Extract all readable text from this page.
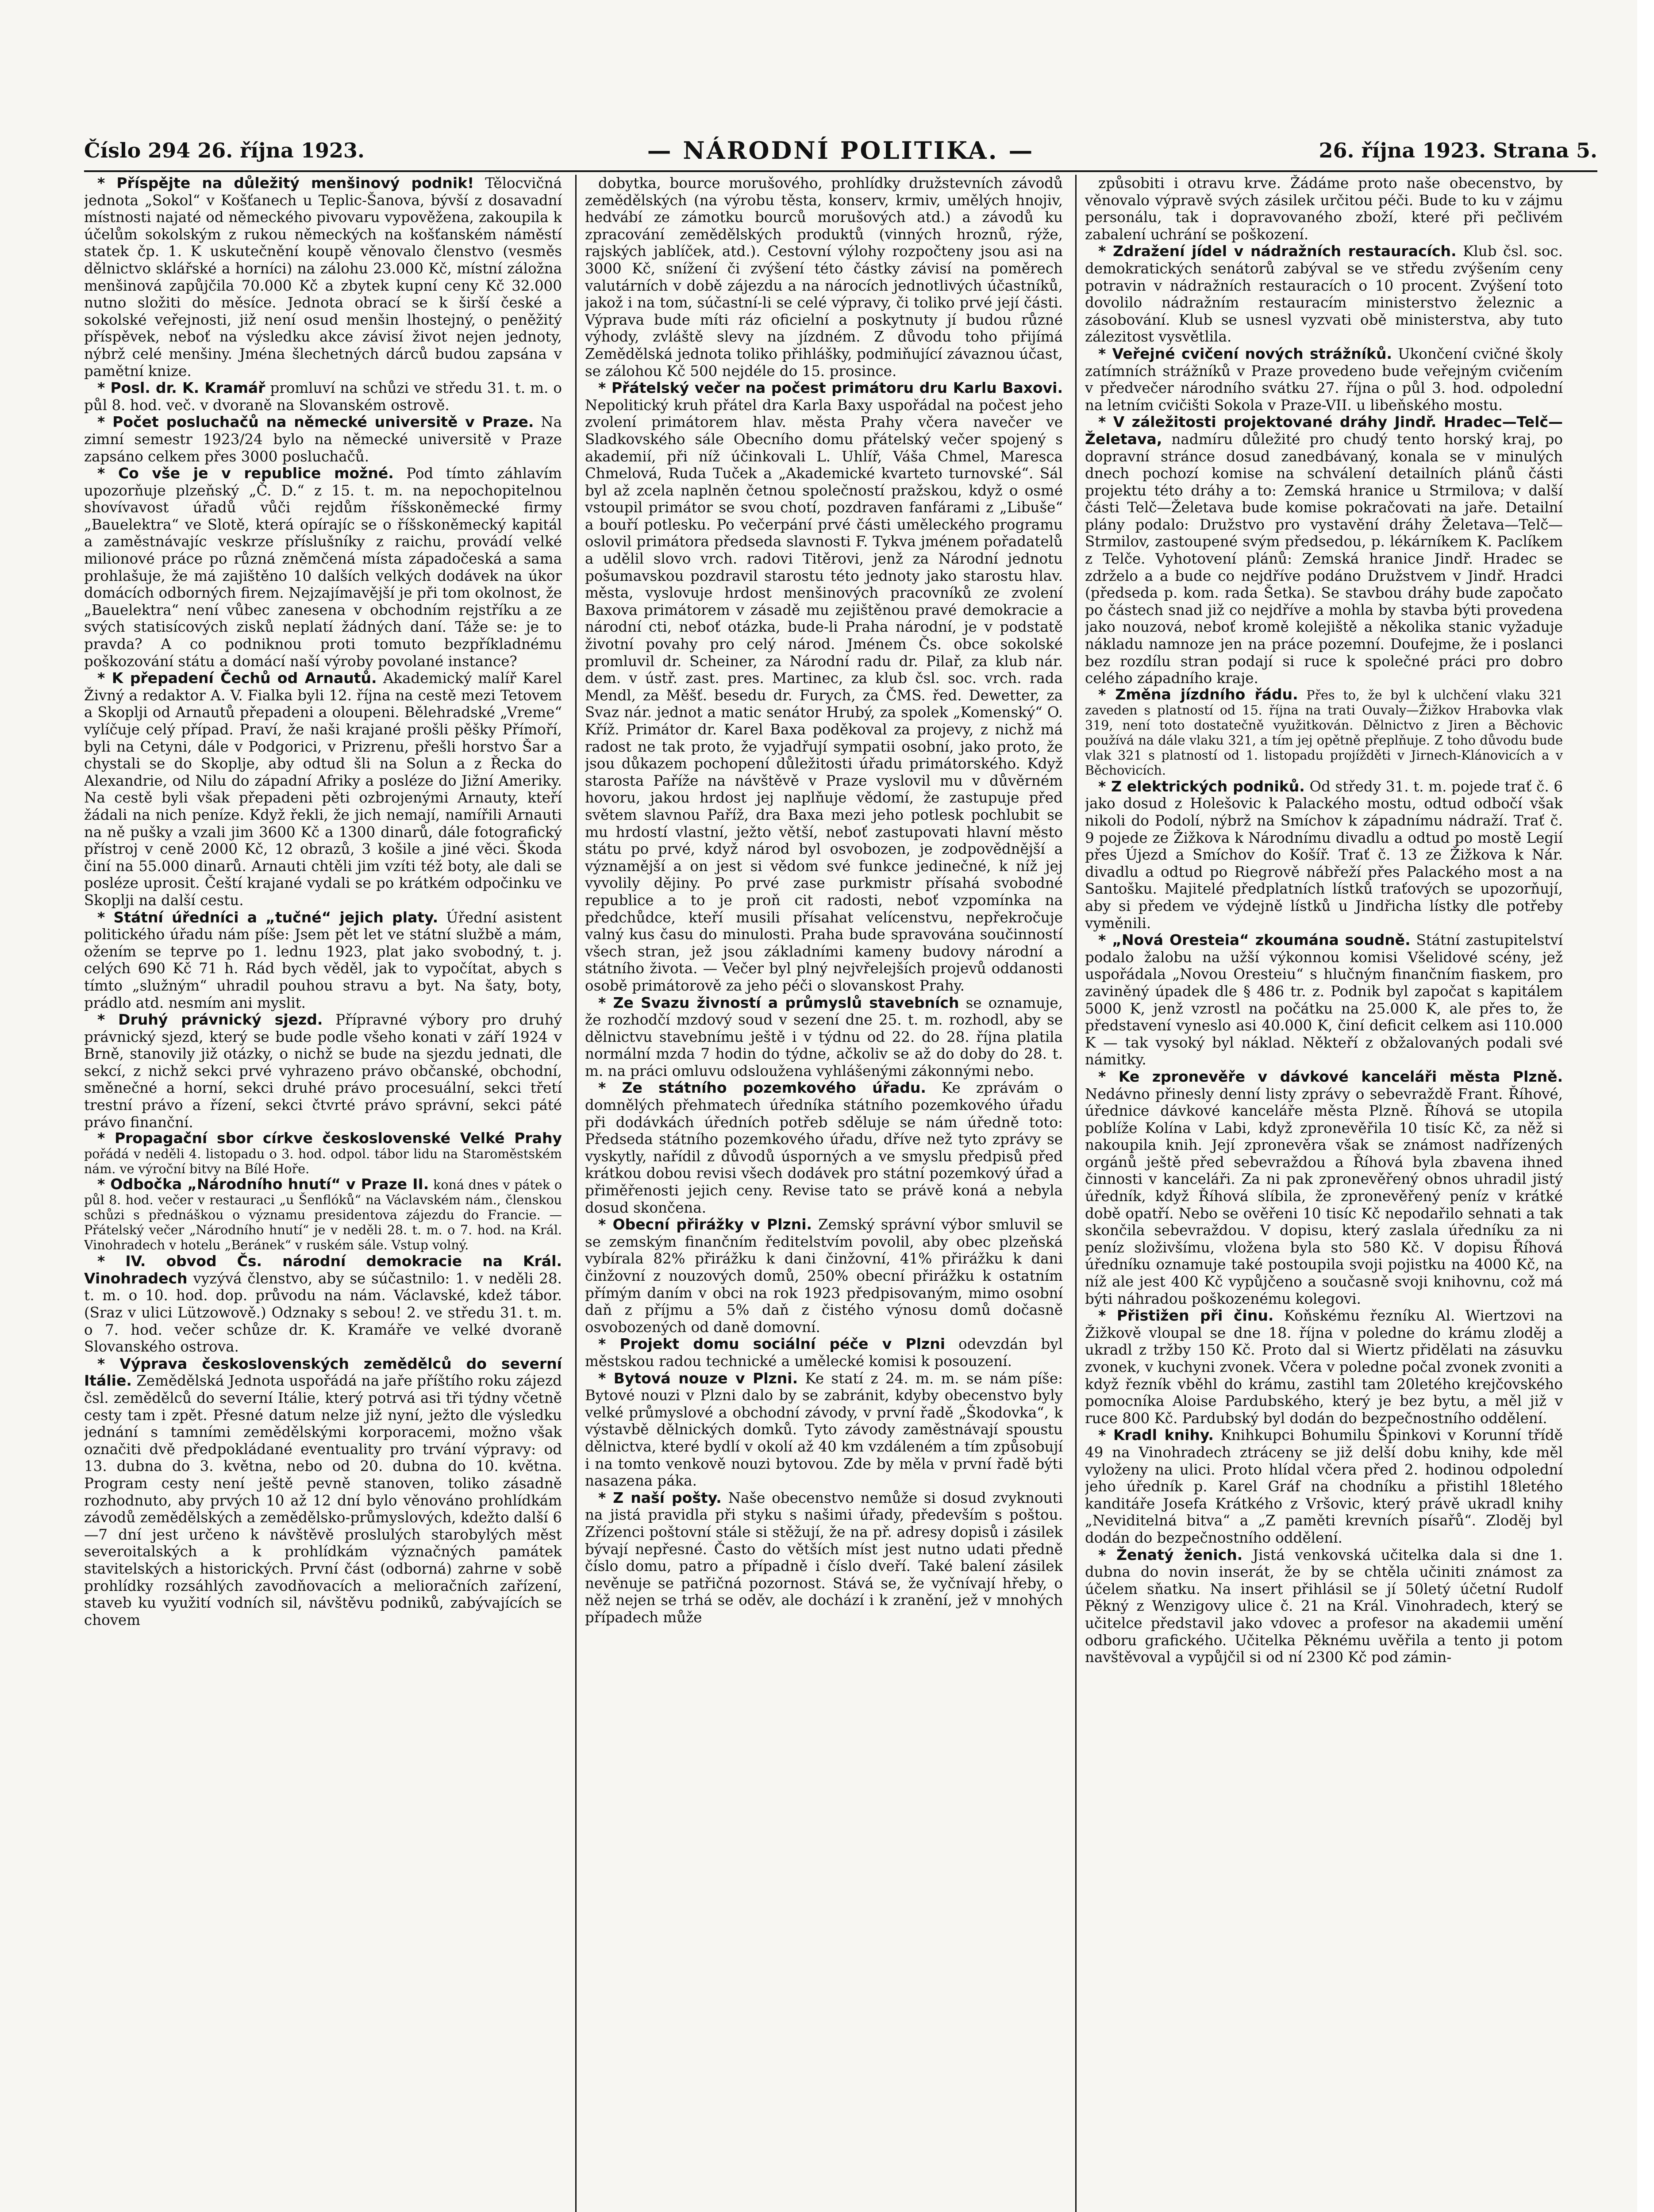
Číslo 294 26. října 1923.	— NÁRODNÍ POLITIKA. —	26. října 1923. Strana 5.

* Příspějte na důležitý menšinový podnik! Tělocvičná jednota „Sokol“ v Košťanech u Teplic-Šanova, bývší z dosavadní místnosti najaté od německého pivovaru vypověžena, zakoupila k účelům sokolským z rukou německých na košťanském náměstí statek čp. 1. K uskutečnění koupě věnovalo členstvo (vesměs dělnictvo sklářské a horníci) na zálohu 23.000 Kč, místní záložna menšinová zapůjčila 70.000 Kč a zbytek kupní ceny Kč 32.000 nutno složiti do měsíce. Jednota obrací se k širší české a sokolské veřejnosti, již není osud menšin lhostejný, o peněžitý příspěvek, neboť na výsledku akce závisí život nejen jednoty, nýbrž celé menšiny. Jména šlechetných dárců budou zapsána v pamětní knize.

* Posl. dr. K. Kramář promluví na schůzi ve středu 31. t. m. o půl 8. hod. več. v dvoraně na Slovanském ostrově.

* Počet posluchačů na německé universitě v Praze. Na zimní semestr 1923/24 bylo na německé universitě v Praze zapsáno celkem přes 3000 posluchačů.

* Co vše je v republice možné. Pod tímto záhlavím upozorňuje plzeňský „Č. D.“ z 15. t. m. na nepochopitelnou shovívavost úřadů vůči rejdům říšskoněmecké firmy „Bauelektra“ ve Slotě, která opírajíc se o říšskoněmecký kapitál a zaměstnávajíc veskrze příslušníky z raichu, provádí velké milionové práce po různá zněmčená místa západočeská a sama prohlašuje, že má zajištěno 10 dalších velkých dodávek na úkor domácích odborných firem. Nejzajímavější je při tom okolnost, že „Bauelektra“ není vůbec zanesena v obchodním rejstříku a ze svých statisícových zisků neplatí žádných daní. Táže se: je to pravda? A co podniknou proti tomuto bezpříkladnému poškozování státu a domácí naší výroby povolané instance?

* K přepadení Čechů od Arnautů. Akademický malíř Karel Živný a redaktor A. V. Fialka byli 12. října na cestě mezi Tetovem a Skoplji od Arnautů přepadeni a oloupeni. Bělehradské „Vreme“ vylíčuje celý případ. Praví, že naši krajané prošli pěšky Přímoří, byli na Cetyni, dále v Podgorici, v Prizrenu, přešli horstvo Šar a chystali se do Skoplje, aby odtud šli na Solun a z Řecka do Alexandrie, od Nilu do západní Afriky a posléze do Jižní Ameriky. Na cestě byli však přepadeni pěti ozbrojenými Arnauty, kteří žádali na nich peníze. Když řekli, že jich nemají, namířili Arnauti na ně pušky a vzali jim 3600 Kč a 1300 dinarů, dále fotografický přístroj v ceně 2000 Kč, 12 obrazů, 3 košile a jiné věci. Škoda činí na 55.000 dinarů. Arnauti chtěli jim vzíti též boty, ale dali se posléze uprosit. Čeští krajané vydali se po krátkém odpočinku ve Skoplji na další cestu.

* Státní úředníci a „tučné“ jejich platy. Úřední asistent politického úřadu nám píše: Jsem pět let ve státní službě a mám, ožením se teprve po 1. lednu 1923, plat jako svobodný, t. j. celých 690 Kč 71 h. Rád bych věděl, jak to vypočítat, abych s tímto „služným“ uhradil pouhou stravu a byt. Na šaty, boty, prádlo atd. nesmím ani myslit.

* Druhý právnický sjezd. Přípravné výbory pro druhý právnický sjezd, který se bude podle všeho konati v září 1924 v Brně, stanovily již otázky, o nichž se bude na sjezdu jednati, dle sekcí, z nichž sekci prvé vyhrazeno právo občanské, obchodní, směnečné a horní, sekci druhé právo procesuální, sekci třetí trestní právo a řízení, sekci čtvrté právo správní, sekci páté právo finanční.

* Propagační sbor církve československé Velké Prahy pořádá v neděli 4. listopadu o 3. hod. odpol. tábor lidu na Staroměstském nám. ve výroční bitvy na Bílé Hoře.

* Odbočka „Národního hnutí“ v Praze II. koná dnes v pátek o půl 8. hod. večer v restauraci „u Šenflóků“ na Václavském nám., členskou schůzi s přednáškou o významu presidentova zájezdu do Francie. — Přátelský večer „Národního hnutí“ je v neděli 28. t. m. o 7. hod. na Král. Vinohradech v hotelu „Beránek“ v ruském sále. Vstup volný.

* IV. obvod Čs. národní demokracie na Král. Vinohradech vyzývá členstvo, aby se súčastnilo: 1. v neděli 28. t. m. o 10. hod. dop. průvodu na nám. Václavské, kdež tábor. (Sraz v ulici Lützowově.) Odznaky s sebou! 2. ve středu 31. t. m. o 7. hod. večer schůze dr. K. Kramáře ve velké dvoraně Slovanského ostrova.

* Výprava československých zemědělců do severní Itálie. Zemědělská Jednota uspořádá na jaře příštího roku zájezd čsl. zemědělců do severní Itálie, který potrvá asi tři týdny včetně cesty tam i zpět. Přesné datum nelze již nyní, ježto dle výsledku jednání s tamními zemědělskými korporacemi, možno však označiti dvě předpokládané eventuality pro trvání výpravy: od 13. dubna do 3. května, nebo od 20. dubna do 10. května. Program cesty není ještě pevně stanoven, toliko zásadně rozhodnuto, aby prvých 10 až 12 dní bylo věnováno prohlídkám závodů zemědělských a zemědělsko-průmyslových, kdežto další 6—7 dní jest určeno k návštěvě proslulých starobylých měst severoitalských a k prohlídkám význačných památek stavitelských a historických. První část (odborná) zahrne v sobě prohlídky rozsáhlých zavodňovacích a melioračních zařízení, staveb ku využití vodních sil, návštěvu podniků, zabývajících se chovem

dobytka, bource morušového, prohlídky družstevních závodů zemědělských (na výrobu těsta, konserv, krmiv, umělých hnojiv, hedvábí ze zámotku bourců morušových atd.) a závodů ku zpracování zemědělských produktů (vinných hroznů, rýže, rajských jablíček, atd.). Cestovní výlohy rozpočteny jsou asi na 3000 Kč, snížení či zvýšení této částky závisí na poměrech valutárních v době zájezdu a na nárocích jednotlivých účastníků, jakož i na tom, súčastní-li se celé výpravy, či toliko prvé její části. Výprava bude míti ráz oficielní a poskytnuty jí budou různé výhody, zvláště slevy na jízdném. Z důvodu toho přijímá Zemědělská jednota toliko přihlášky, podmiňující závaznou účast, se zálohou Kč 500 nejdéle do 15. prosince.

* Přátelský večer na počest primátoru dru Karlu Baxovi. Nepolitický kruh přátel dra Karla Baxy uspořádal na počest jeho zvolení primátorem hlav. města Prahy včera navečer ve Sladkovského sále Obecního domu přátelský večer spojený s akademií, při níž účinkovali L. Uhlíř, Váša Chmel, Maresca Chmelová, Ruda Tuček a „Akademické kvarteto turnovské“. Sál byl až zcela naplněn četnou společností pražskou, když o osmé vstoupil primátor se svou chotí, pozdraven fanfárami z „Libuše“ a bouří potlesku. Po večerpání prvé části uměleckého programu oslovil primátora předseda slavnosti F. Tykva jménem pořadatelů a udělil slovo vrch. radovi Titěrovi, jenž za Národní jednotu pošumavskou pozdravil starostu této jednoty jako starostu hlav. města, vyslovuje hrdost menšinových pracovníků ze zvolení Baxova primátorem v zásadě mu zejištěnou pravé demokracie a národní cti, neboť otázka, bude-li Praha národní, je v podstatě životní povahy pro celý národ. Jménem Čs. obce sokolské promluvil dr. Scheiner, za Národní radu dr. Pilař, za klub nár. dem. v ústř. zast. pres. Martinec, za klub čsl. soc. vrch. rada Mendl, za Měšť. besedu dr. Furych, za ČMS. řed. Dewetter, za Svaz nár. jednot a matic senátor Hrubý, za spolek „Komenský“ O. Kříž. Primátor dr. Karel Baxa poděkoval za projevy, z nichž má radost ne tak proto, že vyjadřují sympatii osobní, jako proto, že jsou důkazem pochopení důležitosti úřadu primátorského. Když starosta Paříže na návštěvě v Praze vyslovil mu v důvěrném hovoru, jakou hrdost jej naplňuje vědomí, že zastupuje před světem slavnou Paříž, dra Baxa mezi jeho potlesk pochlubit se mu hrdostí vlastní, ježto větší, neboť zastupovati hlavní město státu po prvé, když národ byl osvobozen, je zodpovědnější a významější a on jest si vědom své funkce jedinečné, k níž jej vyvolily dějiny. Po prvé zase purkmistr přísahá svobodné republice a to je proň cit radosti, neboť vzpomínka na předchůdce, kteří musili přísahat velícenstvu, nepřekročuje valný kus času do minulosti. Praha bude spravována součinností všech stran, jež jsou základními kameny budovy národní a státního života. — Večer byl plný nejvřelejších projevů oddanosti osobě primátorově za jeho péči o slovanskost Prahy.

* Ze Svazu živností a průmyslů stavebních se oznamuje, že rozhodčí mzdový soud v sezení dne 25. t. m. rozhodl, aby se dělnictvu stavebnímu ještě i v týdnu od 22. do 28. října platila normální mzda 7 hodin do týdne, ačkoliv se až do doby do 28. t. m. na práci omluvu odsloužena vyhlášenými zákonnými nebo.

* Ze státního pozemkového úřadu. Ke zprávám o domnělých přehmatech úředníka státního pozemkového úřadu při dodávkách úředních potřeb sděluje se nám úředně toto: Předseda státního pozemkového úřadu, dříve než tyto zprávy se vyskytly, nařídil z důvodů úsporných a ve smyslu předpisů před krátkou dobou revisi všech dodávek pro státní pozemkový úřad a přiměřenosti jejich ceny. Revise tato se právě koná a nebyla dosud skončena.

* Obecní přirážky v Plzni. Zemský správní výbor smluvil se se zemským finančním ředitelstvím povolil, aby obec plzeňská vybírala 82% přirážku k dani činžovní, 41% přirážku k dani činžovní z nouzových domů, 250% obecní přirážku k ostatním přímým daním v obci na rok 1923 předpisovaným, mimo osobní daň z příjmu a 5% daň z čistého výnosu domů dočasně osvobozených od daně domovní.

* Projekt domu sociální péče v Plzni odevzdán byl městskou radou technické a umělecké komisi k posouzení.

* Bytová nouze v Plzni. Ke statí z 24. m. m. se nám píše: Bytové nouzi v Plzni dalo by se zabránit, kdyby obecenstvo byly velké průmyslové a obchodní závody, v první řadě „Škodovka“, k výstavbě dělnických domků. Tyto závody zaměstnávají spoustu dělnictva, které bydlí v okolí až 40 km vzdáleném a tím způsobují i na tomto venkově nouzi bytovou. Zde by měla v první řadě býti nasazena páka.

* Z naší pošty. Naše obecenstvo nemůže si dosud zvyknouti na jistá pravidla při styku s našimi úřady, především s poštou. Zřízenci poštovní stále si stěžují, že na př. adresy dopisů i zásilek bývají nepřesné. Často do větších míst jest nutno udati předně číslo domu, patro a případně i číslo dveří. Také balení zásilek nevěnuje se patřičná pozornost. Stává se, že vyčnívají hřeby, o něž nejen se trhá se oděv, ale dochází i k zranění, jež v mnohých případech může

způsobiti i otravu krve. Žádáme proto naše obecenstvo, by věnovalo výpravě svých zásilek určitou péči. Bude to ku v zájmu personálu, tak i dopravovaného zboží, které při pečlivém zabalení uchrání se poškození.

* Zdražení jídel v nádražních restauracích. Klub čsl. soc. demokratických senátorů zabýval se ve středu zvýšením ceny potravin v nádražních restauracích o 10 procent. Zvýšení toto dovolilo nádražním restauracím ministerstvo železnic a zásobování. Klub se usnesl vyzvati obě ministerstva, aby tuto zálezitost vysvětlila.

* Veřejné cvičení nových strážníků. Ukončení cvičné školy zatímních strážníků v Praze provedeno bude veřejným cvičením v předvečer národního svátku 27. října o půl 3. hod. odpolední na letním cvičišti Sokola v Praze-VII. u libeňského mostu.

* V záležitosti projektované dráhy Jindř. Hradec—Telč—Želetava, nadmíru důležité pro chudý tento horský kraj, po dopravní stránce dosud zanedbávaný, konala se v minulých dnech pochozí komise na schválení detailních plánů části projektu této dráhy a to: Zemská hranice u Strmilova; v další části Telč—Želetava bude komise pokračovati na jaře. Detailní plány podalo: Družstvo pro vystavění dráhy Želetava—Telč—Strmilov, zastoupené svým předsedou, p. lékárníkem K. Paclíkem z Telče. Vyhotovení plánů: Zemská hranice Jindř. Hradec se zdrželo a a bude co nejdříve podáno Družstvem v Jindř. Hradci (předseda p. kom. rada Šetka). Se stavbou dráhy bude započato po částech snad již co nejdříve a mohla by stavba býti provedena jako nouzová, neboť kromě kolejiště a několika stanic vyžaduje nákladu namnoze jen na práce pozemní. Doufejme, že i poslanci bez rozdílu stran podají si ruce k společné práci pro dobro celého západního kraje.

* Změna jízdního řádu. Přes to, že byl k ulchčení vlaku 321 zaveden s platností od 15. října na trati Ouvaly—Žižkov Hrabovka vlak 319, není toto dostatečně využitkován. Dělnictvo z Jiren a Běchovic používá na dále vlaku 321, a tím jej opětně přeplňuje. Z toho důvodu bude vlak 321 s platností od 1. listopadu projížděti v Jirnech-Klánovicích a v Běchovicích.

* Z elektrických podniků. Od středy 31. t. m. pojede trať č. 6 jako dosud z Holešovic k Palackého mostu, odtud odbočí však nikoli do Podolí, nýbrž na Smíchov k západnímu nádraží. Trať č. 9 pojede ze Žižkova k Národnímu divadlu a odtud po mostě Legií přes Újezd a Smíchov do Košíř. Trať č. 13 ze Žižkova k Nár. divadlu a odtud po Riegrově nábřeží přes Palackého most a na Santošku. Majitelé předplatních lístků traťových se upozorňují, aby si předem ve výdejně lístků u Jindřicha lístky dle potřeby vyměnili.

* „Nová Oresteia“ zkoumána soudně. Státní zastupitelství podalo žalobu na užší výkonnou komisi Všelidové scény, jež uspořádala „Novou Oresteiu“ s hlučným finančním fiaskem, pro zaviněný úpadek dle § 486 tr. z. Podnik byl započat s kapitálem 5000 K, jenž vzrostl na počátku na 25.000 K, ale přes to, že představení vyneslo asi 40.000 K, činí deficit celkem asi 110.000 K — tak vysoký byl náklad. Někteří z obžalovaných podali své námitky.

* Ke zpronevěře v dávkové kanceláři města Plzně. Nedávno přinesly denní listy zprávy o sebevraždě Frant. Říhové, úřednice dávkové kanceláře města Plzně. Říhová se utopila poblíže Kolína v Labi, když zpronevěřila 10 tisíc Kč, za něž si nakoupila knih. Její zpronevěra však se známost nadřízených orgánů ještě před sebevraždou a Říhová byla zbavena ihned činnosti v kanceláři. Za ni pak zpronevěřený obnos uhradil jistý úředník, když Říhová slíbila, že zpronevěřený peníz v krátké době opatří. Nebo se ověřeni 10 tisíc Kč nepodařilo sehnati a tak skončila sebevraždou. V dopisu, který zaslala úředníku za ni peníz složivšímu, vložena byla sto 580 Kč. V dopisu Říhová úředníku oznamuje také postoupila svoji pojistku na 4000 Kč, na níž ale jest 400 Kč vypůjčeno a současně svoji knihovnu, což má býti náhradou poškozenému kolegovi.

* Přistižen při činu. Koňskému řezníku Al. Wiertzovi na Žižkově vloupal se dne 18. října v poledne do krámu zloděj a ukradl z tržby 150 Kč. Proto dal si Wiertz přidělati na zásuvku zvonek, v kuchyni zvonek. Včera v poledne počal zvonek zvoniti a když řezník vběhl do krámu, zastihl tam 20letého krejčovského pomocníka Aloise Pardubského, který je bez bytu, a měl již v ruce 800 Kč. Pardubský byl dodán do bezpečnostního oddělení.

* Kradl knihy. Knihkupci Bohumilu Špinkovi v Korunní třídě 49 na Vinohradech ztráceny se již delší dobu knihy, kde měl vyloženy na ulici. Proto hlídal včera před 2. hodinou odpolední jeho úředník p. Karel Gráf na chodníku a přistihl 18letého kanditáře Josefa Krátkého z Vršovic, který právě ukradl knihy „Neviditelná bitva“ a „Z paměti krevních písařů“. Zloděj byl dodán do bezpečnostního oddělení.

* Ženatý ženich. Jistá venkovská učitelka dala si dne 1. dubna do novin inserát, že by se chtěla učiniti známost za účelem sňatku. Na insert přihlásil se jí 50letý účetní Rudolf Pěkný z Wenzigovy ulice č. 21 na Král. Vinohradech, který se učitelce představil jako vdovec a profesor na akademii umění odboru grafického. Učitelka Pěknému uvěřila a tento ji potom navštěvoval a vypůjčil si od ní 2300 Kč pod zámin-
